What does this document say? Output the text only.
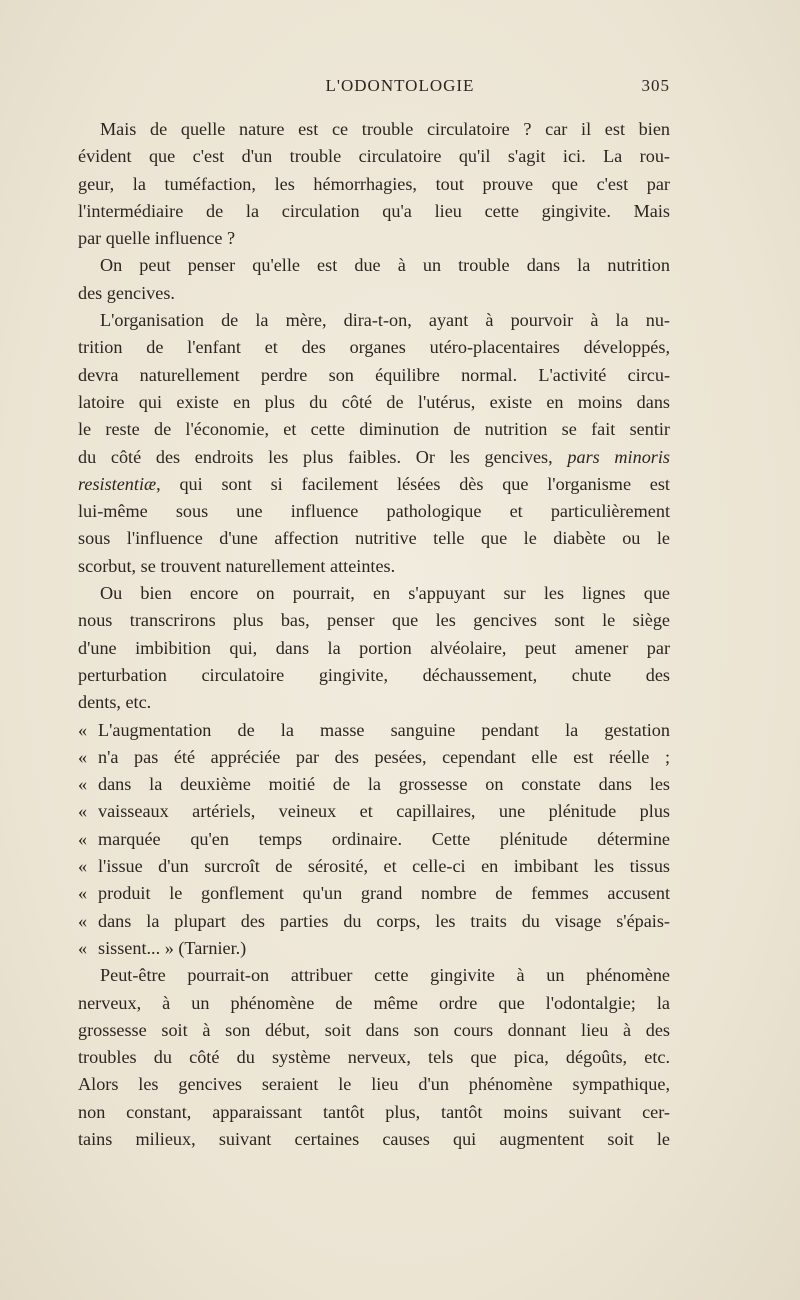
L'ODONTOLOGIE	305
Mais de quelle nature est ce trouble circulatoire ? car il est bien
évident que c'est d'un trouble circulatoire qu'il s'agit ici. La rou-
geur, la tuméfaction, les hémorrhagies, tout prouve que c'est par
l'intermédiaire de la circulation qu'a lieu cette gingivite. Mais
par quelle influence ?
On peut penser qu'elle est due à un trouble dans la nutrition
des gencives.
L'organisation de la mère, dira-t-on, ayant à pourvoir à la nu-
trition de l'enfant et des organes utéro-placentaires développés,
devra naturellement perdre son équilibre normal. L'activité circu-
latoire qui existe en plus du côté de l'utérus, existe en moins dans
le reste de l'économie, et cette diminution de nutrition se fait sentir
du côté des endroits les plus faibles. Or les gencives, pars minoris
resistentiæ, qui sont si facilement lésées dès que l'organisme est
lui-même sous une influence pathologique et particulièrement
sous l'influence d'une affection nutritive telle que le diabète ou le
scorbut, se trouvent naturellement atteintes.
Ou bien encore on pourrait, en s'appuyant sur les lignes que
nous transcrirons plus bas, penser que les gencives sont le siège
d'une imbibition qui, dans la portion alvéolaire, peut amener par
perturbation circulatoire gingivite, déchaussement, chute des
dents, etc.
« L'augmentation de la masse sanguine pendant la gestation
« n'a pas été appréciée par des pesées, cependant elle est réelle ;
« dans la deuxième moitié de la grossesse on constate dans les
« vaisseaux artériels, veineux et capillaires, une plénitude plus
« marquée qu'en temps ordinaire. Cette plénitude détermine
« l'issue d'un surcroît de sérosité, et celle-ci en imbibant les tissus
« produit le gonflement qu'un grand nombre de femmes accusent
« dans la plupart des parties du corps, les traits du visage s'épais-
« sissent... » (Tarnier.)
Peut-être pourrait-on attribuer cette gingivite à un phénomène
nerveux, à un phénomène de même ordre que l'odontalgie; la
grossesse soit à son début, soit dans son cours donnant lieu à des
troubles du côté du système nerveux, tels que pica, dégoûts, etc.
Alors les gencives seraient le lieu d'un phénomène sympathique,
non constant, apparaissant tantôt plus, tantôt moins suivant cer-
tains milieux, suivant certaines causes qui augmentent soit le
